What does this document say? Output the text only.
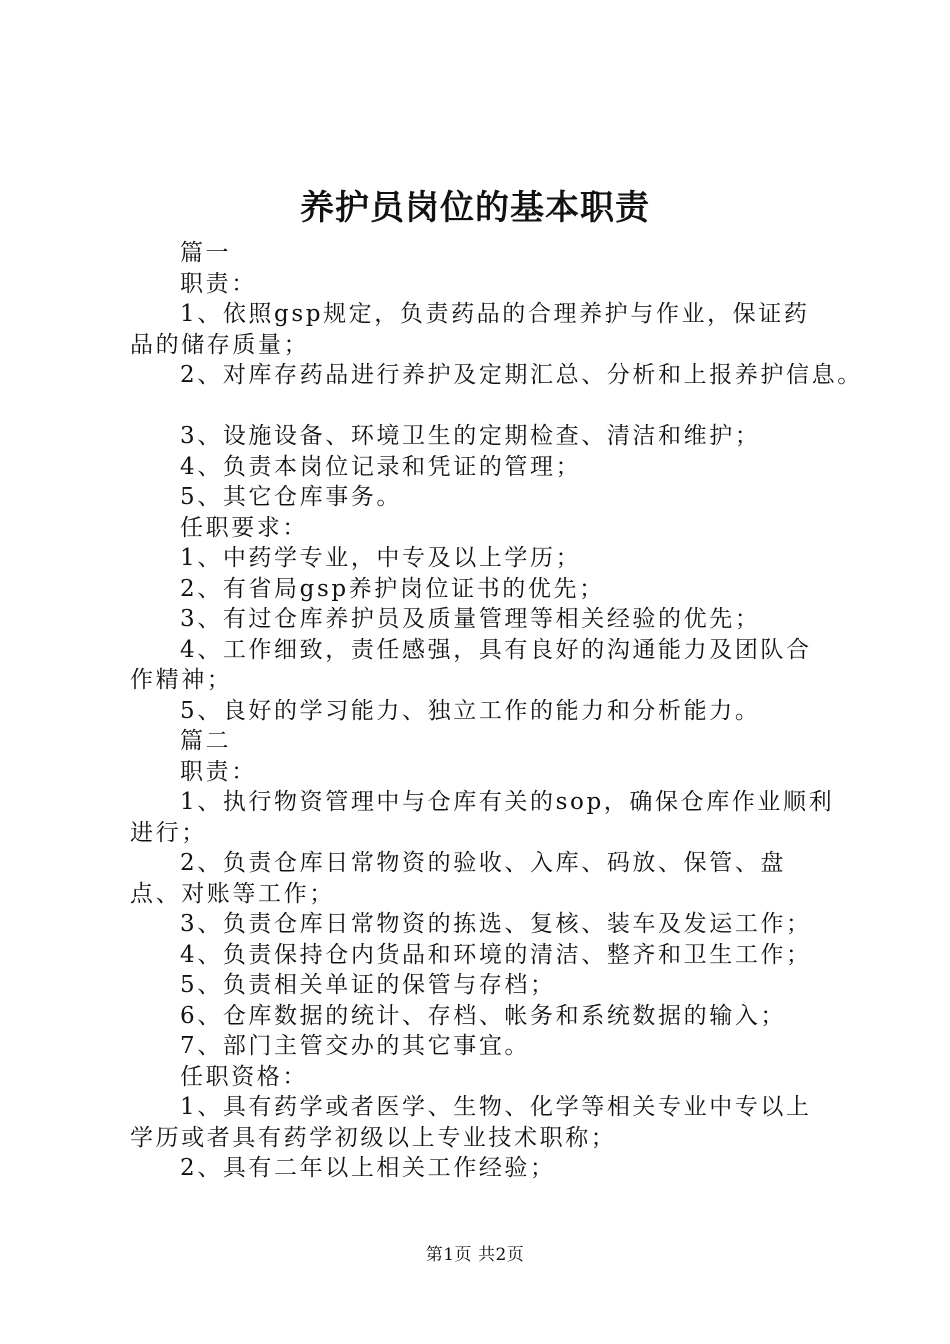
养护员岗位的基本职责

篇一

职责：

1、依照gsp规定，负责药品的合理养护与作业，保证药品的储存质量；

2、对库存药品进行养护及定期汇总、分析和上报养护信息。

3、设施设备、环境卫生的定期检查、清洁和维护；

4、负责本岗位记录和凭证的管理；

5、其它仓库事务。

任职要求：

1、中药学专业，中专及以上学历；

2、有省局gsp养护岗位证书的优先；

3、有过仓库养护员及质量管理等相关经验的优先；

4、工作细致，责任感强，具有良好的沟通能力及团队合作精神；

5、良好的学习能力、独立工作的能力和分析能力。

篇二

职责：

1、执行物资管理中与仓库有关的sop，确保仓库作业顺利进行；

2、负责仓库日常物资的验收、入库、码放、保管、盘点、对账等工作；

3、负责仓库日常物资的拣选、复核、装车及发运工作；

4、负责保持仓内货品和环境的清洁、整齐和卫生工作；

5、负责相关单证的保管与存档；

6、仓库数据的统计、存档、帐务和系统数据的输入；

7、部门主管交办的其它事宜。

任职资格：

1、具有药学或者医学、生物、化学等相关专业中专以上学历或者具有药学初级以上专业技术职称；

2、具有二年以上相关工作经验；

第1页 共2页
